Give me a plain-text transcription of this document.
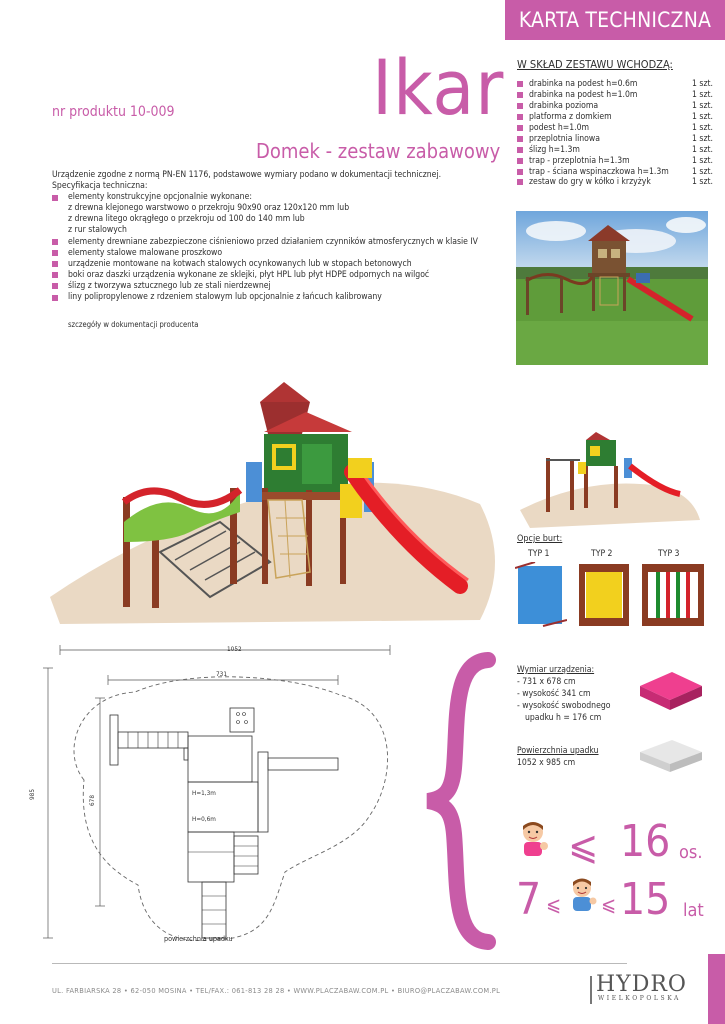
KARTA TECHNICZNA
Ikar
nr produktu 10-009
Domek - zestaw zabawowy
W SKŁAD ZESTAWU WCHODZĄ:
drabinka na podest h=0.6m	1 szt.
drabinka na podest h=1.0m	1 szt.
drabinka pozioma	1 szt.
platforma z domkiem	1 szt.
podest h=1.0m	1 szt.
przeplotnia linowa	1 szt.
ślizg h=1.3m	1 szt.
trap - przeplotnia h=1.3m	1 szt.
trap - ściana wspinaczkowa h=1.3m	1 szt.
zestaw do gry w kółko i krzyżyk	1 szt.
Urządzenie zgodne z normą PN-EN 1176, podstawowe wymiary podano w dokumentacji technicznej.
Specyfikacja techniczna:
elementy konstrukcyjne opcjonalnie wykonane:
z drewna klejonego warstwowo o przekroju 90x90 oraz 120x120 mm lub
z drewna litego okrągłego o przekroju od 100 do 140 mm lub
z rur stalowych
elementy drewniane zabezpieczone ciśnieniowo przed działaniem czynników atmosferycznych w klasie IV
elementy stalowe malowane proszkowo
urządzenie montowane na kotwach stalowych ocynkowanych lub w stopach betonowych
boki oraz daszki urządzenia wykonane ze sklejki, płyt HPL lub płyt HDPE odpornych na wilgoć
ślizg z tworzywa sztucznego lub ze stali nierdzewnej
liny polipropylenowe z rdzeniem stalowym lub opcjonalnie z łańcuch kalibrowany
szczegóły w dokumentacji producenta
Opcje burt:
TYP 1	TYP 2	TYP 3
1052
731
985
678
H=1,3m
H=0,6m
powierzchnia upadku
Wymiar urządzenia:
- 731 x 678 cm
- wysokość 341 cm
- wysokość swobodnego
upadku h = 176 cm
Powierzchnia upadku
1052 x 985 cm
⩽ 16 os.
7 ⩽ ⩽ 15 lat
UL. FARBIARSKA 28 • 62-050 MOSINA • TEL/FAX.: 061-813 28 28 • WWW.PLACZABAW.COM.PL • BIURO@PLACZABAW.COM.PL	HYDRO
WIELKOPOLSKA
